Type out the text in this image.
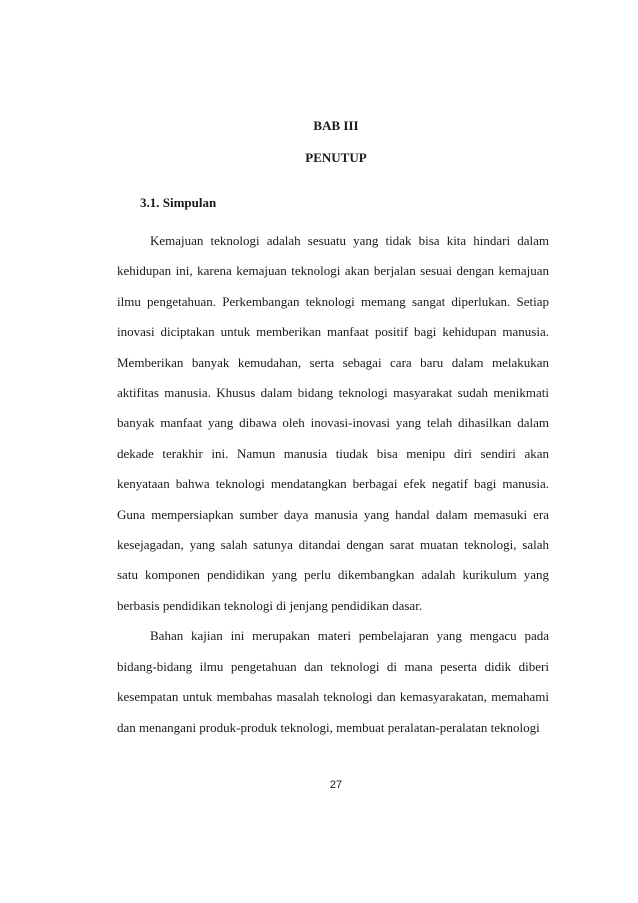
BAB III
PENUTUP
3.1. Simpulan

Kemajuan teknologi adalah sesuatu yang tidak bisa kita hindari dalam kehidupan ini, karena kemajuan teknologi akan berjalan sesuai dengan kemajuan ilmu pengetahuan. Perkembangan teknologi memang sangat diperlukan. Setiap inovasi diciptakan untuk memberikan manfaat positif bagi kehidupan manusia. Memberikan banyak kemudahan, serta sebagai cara baru dalam melakukan aktifitas manusia. Khusus dalam bidang teknologi masyarakat sudah menikmati banyak manfaat yang dibawa oleh inovasi-inovasi yang telah dihasilkan dalam dekade terakhir ini. Namun manusia tiudak bisa menipu diri sendiri akan kenyataan bahwa teknologi mendatangkan berbagai efek negatif bagi manusia. Guna mempersiapkan sumber daya manusia yang handal dalam memasuki era kesejagadan, yang salah satunya ditandai dengan sarat muatan teknologi, salah satu komponen pendidikan yang perlu dikembangkan adalah kurikulum yang berbasis pendidikan teknologi di jenjang pendidikan dasar.

Bahan kajian ini merupakan materi pembelajaran yang mengacu pada bidang-bidang ilmu pengetahuan dan teknologi di mana peserta didik diberi kesempatan untuk membahas masalah teknologi dan kemasyarakatan, memahami dan menangani produk-produk teknologi, membuat peralatan-peralatan teknologi

27
